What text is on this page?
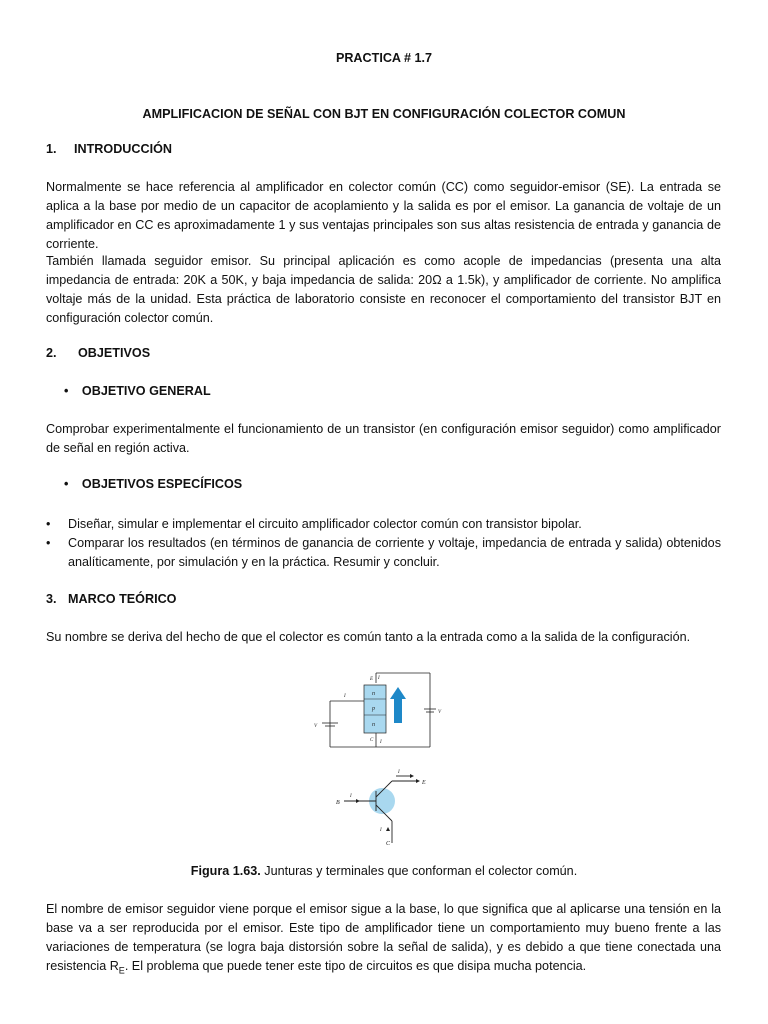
PRACTICA # 1.7

AMPLIFICACION DE SEÑAL CON BJT EN CONFIGURACIÓN COLECTOR COMUN

1. INTRODUCCIÓN

Normalmente se hace referencia al amplificador en colector común (CC) como seguidor-emisor (SE). La entrada se aplica a la base por medio de un capacitor de acoplamiento y la salida es por el emisor. La ganancia de voltaje de un amplificador en CC es aproximadamente 1 y sus ventajas principales son sus altas resistencia de entrada y ganancia de corriente.

También llamada seguidor emisor. Su principal aplicación es como acople de impedancias (presenta una alta impedancia de entrada: 20K a 50K, y baja impedancia de salida: 20Ω a 1.5k), y amplificador de corriente. No amplifica voltaje más de la unidad. Esta práctica de laboratorio consiste en reconocer el comportamiento del transistor BJT en configuración colector común.

2. OBJETIVOS
• OBJETIVO GENERAL

Comprobar experimentalmente el funcionamiento de un transistor (en configuración emisor seguidor) como amplificador de señal en región activa.

• OBJETIVOS ESPECÍFICOS
• Diseñar, simular e implementar el circuito amplificador colector común con transistor bipolar.
• Comparar los resultados (en términos de ganancia de corriente y voltaje, impedancia de entrada y salida) obtenidos analíticamente, por simulación y en la práctica. Resumir y concluir.
3. MARCO TEÓRICO

Su nombre se deriva del hecho de que el colector es común tanto a la entrada como a la salida de la configuración.

n
p
n
E
C
I
I
I
V
V
E
B
C
I
I
I

Figura 1.63. Junturas y terminales que conforman el colector común.

El nombre de emisor seguidor viene porque el emisor sigue a la base, lo que significa que al aplicarse una tensión en la base va a ser reproducida por el emisor. Este tipo de amplificador tiene un comportamiento muy bueno frente a las variaciones de temperatura (se logra baja distorsión sobre la señal de salida), y es debido a que tiene conectada una resistencia $R_E$. El problema que puede tener este tipo de circuitos es que disipa mucha potencia.
